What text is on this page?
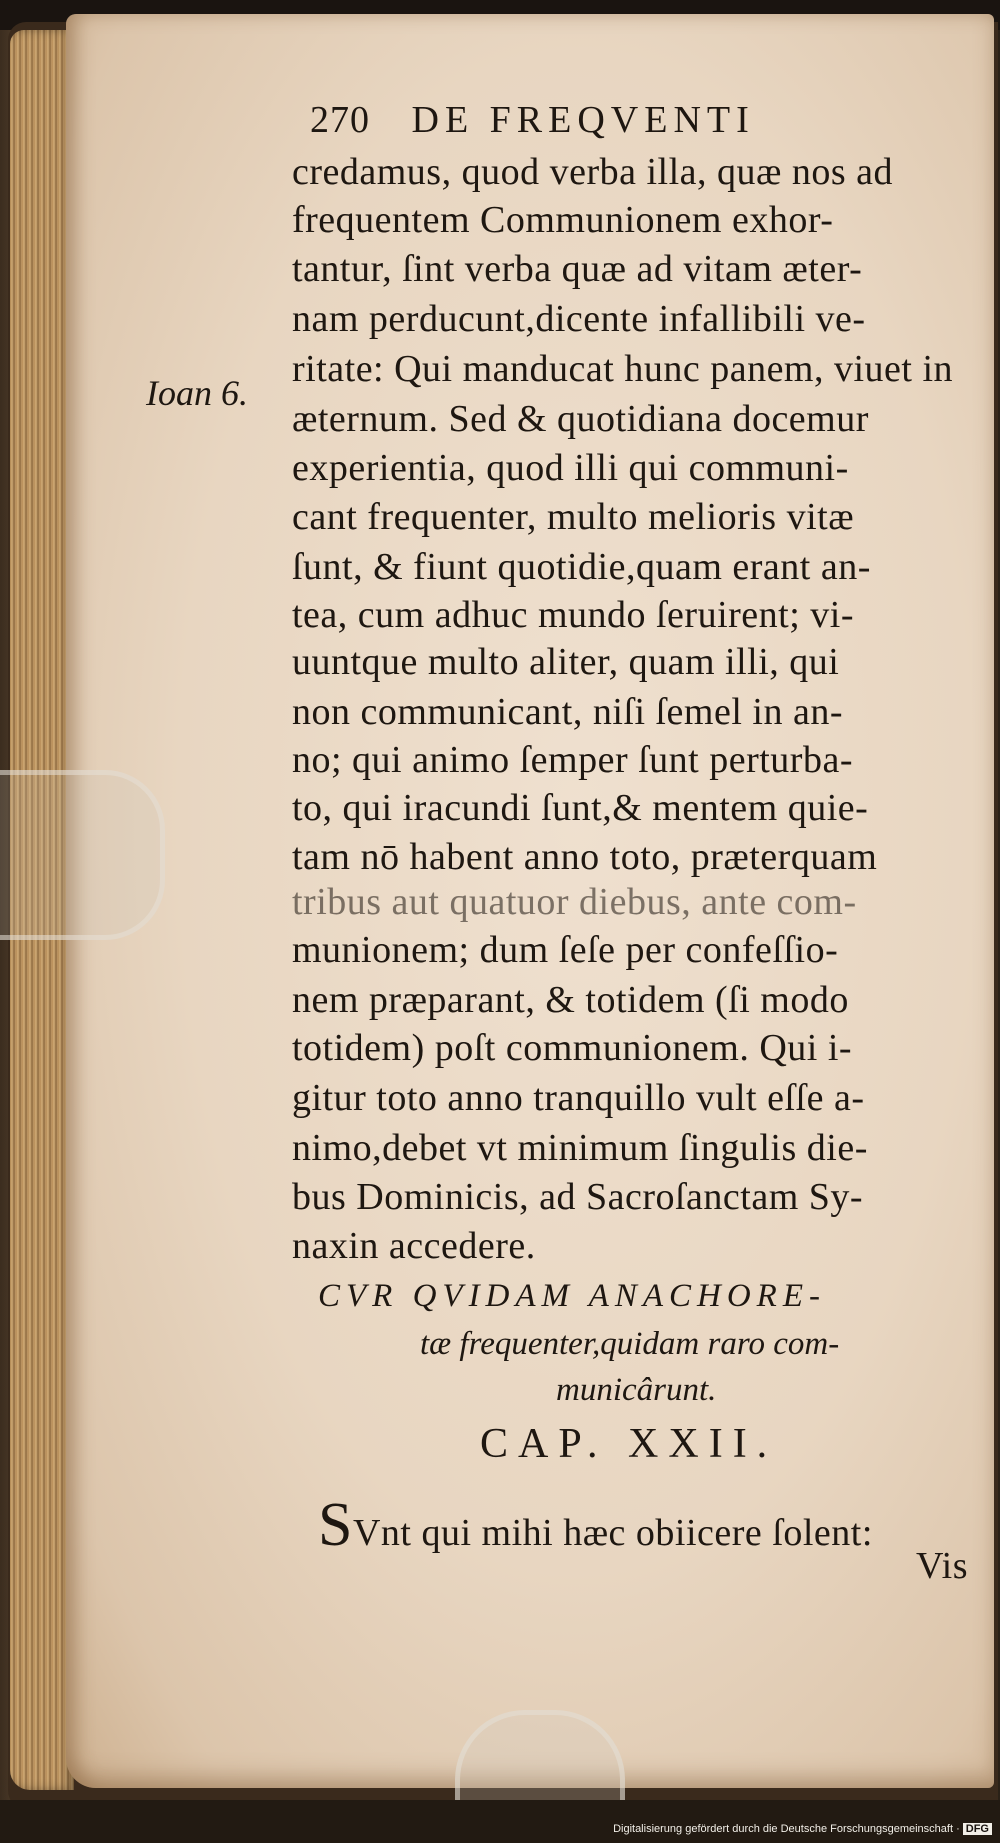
270 DE FREQVENTI
Ioan 6.
credamus, quod verba illa, quæ nos ad
frequentem Communionem exhor-
tantur, ſint verba quæ ad vitam æter-
nam perducunt,dicente infallibili ve-
ritate: Qui manducat hunc panem, viuet in
æternum. Sed & quotidiana docemur
experientia, quod illi qui communi-
cant frequenter, multo melioris vitæ
ſunt, & fiunt quotidie,quam erant an-
tea, cum adhuc mundo ſeruirent; vi-
uuntque multo aliter, quam illi, qui
non communicant, niſi ſemel in an-
no; qui animo ſemper ſunt perturba-
to, qui iracundi ſunt,& mentem quie-
tam nō habent anno toto, præterquam
tribus aut quatuor diebus, ante com-
munionem; dum ſeſe per confeſſio-
nem præparant, & totidem (ſi modo
totidem) poſt communionem. Qui i-
gitur toto anno tranquillo vult eſſe a-
nimo,debet vt minimum ſingulis die-
bus Dominicis, ad Sacroſanctam Sy-
naxin accedere.
CVR QVIDAM ANACHORE-
tæ frequenter,quidam raro com-
municârunt.
CAP. XXII.
SVnt qui mihi hæc obiicere ſolent:
Vis
Digitalisierung gefördert durch die Deutsche Forschungsgemeinschaft · DFG
